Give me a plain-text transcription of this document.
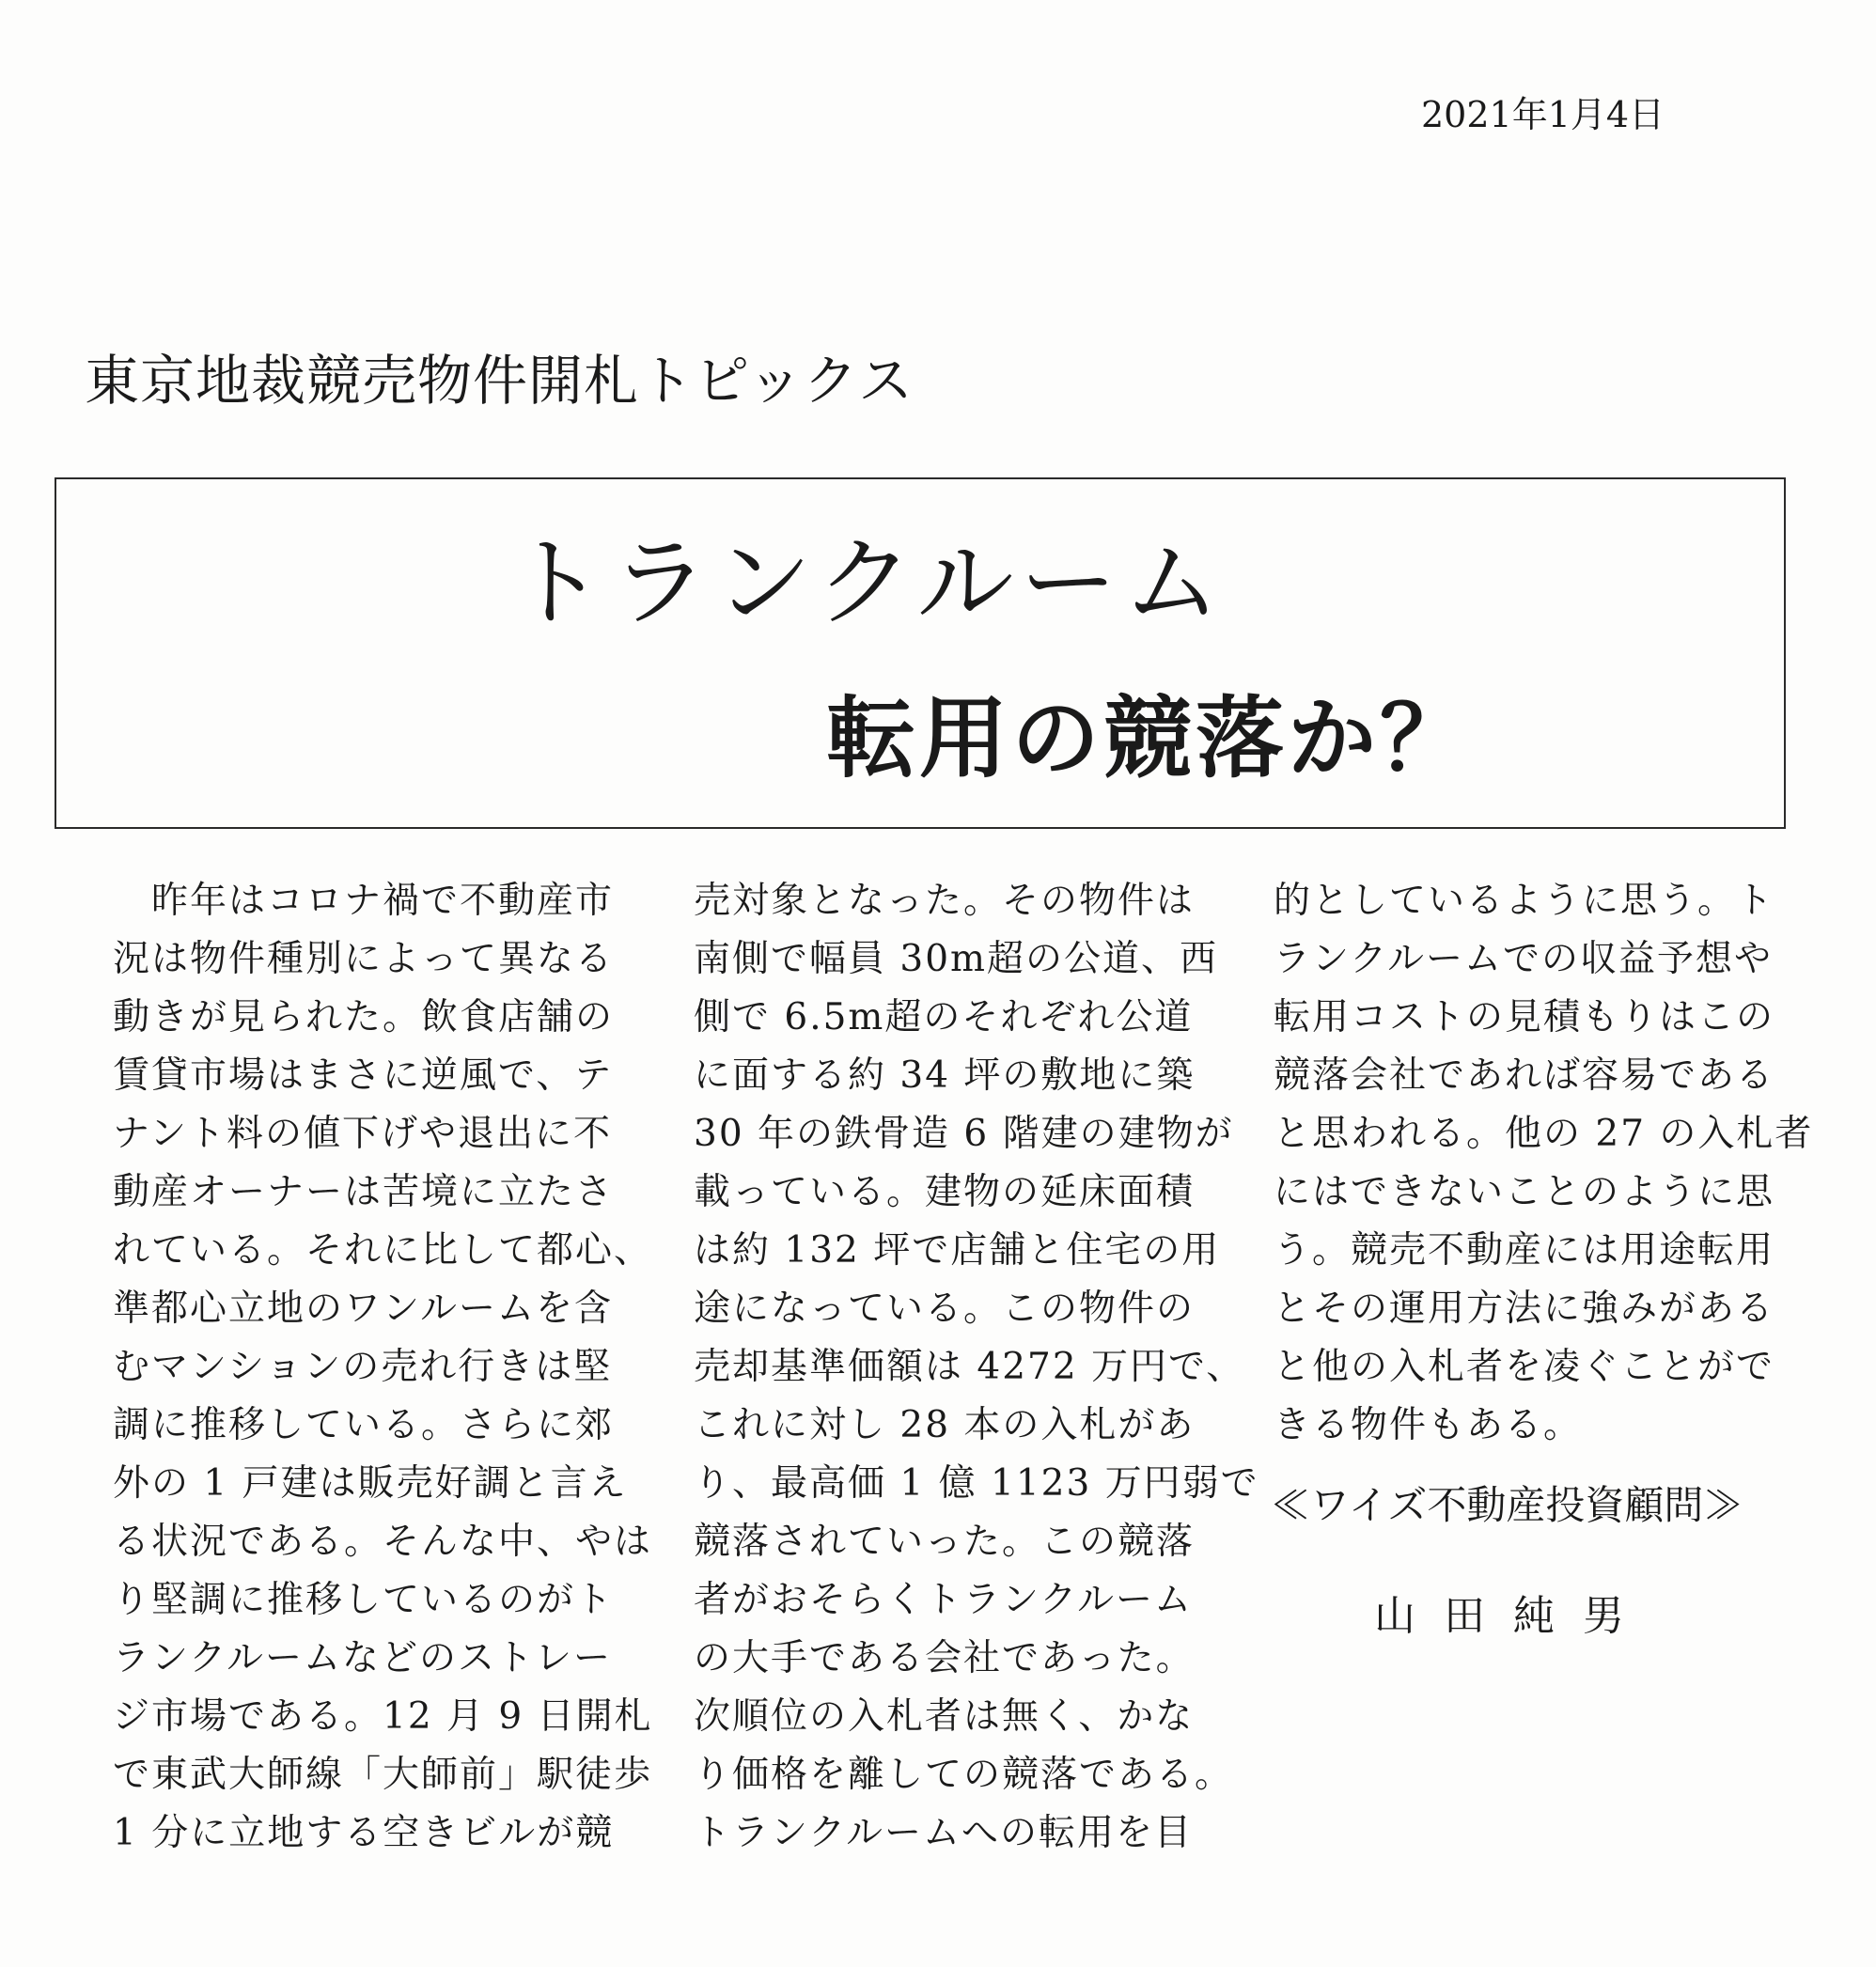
2021年1月4日
東京地裁競売物件開札トピックス
トランクルーム
転用の競落か？
　昨年はコロナ禍で不動産市
況は物件種別によって異なる
動きが見られた。飲食店舗の
賃貸市場はまさに逆風で、テ
ナント料の値下げや退出に不
動産オーナーは苦境に立たさ
れている。それに比して都心、
準都心立地のワンルームを含
むマンションの売れ行きは堅
調に推移している。さらに郊
外の 1 戸建は販売好調と言え
る状況である。そんな中、やは
り堅調に推移しているのがト
ランクルームなどのストレー
ジ市場である。12 月 9 日開札
で東武大師線「大師前」駅徒歩
1 分に立地する空きビルが競
売対象となった。その物件は
南側で幅員 30m超の公道、西
側で 6.5m超のそれぞれ公道
に面する約 34 坪の敷地に築
30 年の鉄骨造 6 階建の建物が
載っている。建物の延床面積
は約 132 坪で店舗と住宅の用
途になっている。この物件の
売却基準価額は 4272 万円で、
これに対し 28 本の入札があ
り、最高価 1 億 1123 万円弱で
競落されていった。この競落
者がおそらくトランクルーム
の大手である会社であった。
次順位の入札者は無く、かな
り価格を離しての競落である。
トランクルームへの転用を目
的としているように思う。ト
ランクルームでの収益予想や
転用コストの見積もりはこの
競落会社であれば容易である
と思われる。他の 27 の入札者
にはできないことのように思
う。競売不動産には用途転用
とその運用方法に強みがある
と他の入札者を凌ぐことがで
きる物件もある。
≪ワイズ不動産投資顧問≫
山田純男
